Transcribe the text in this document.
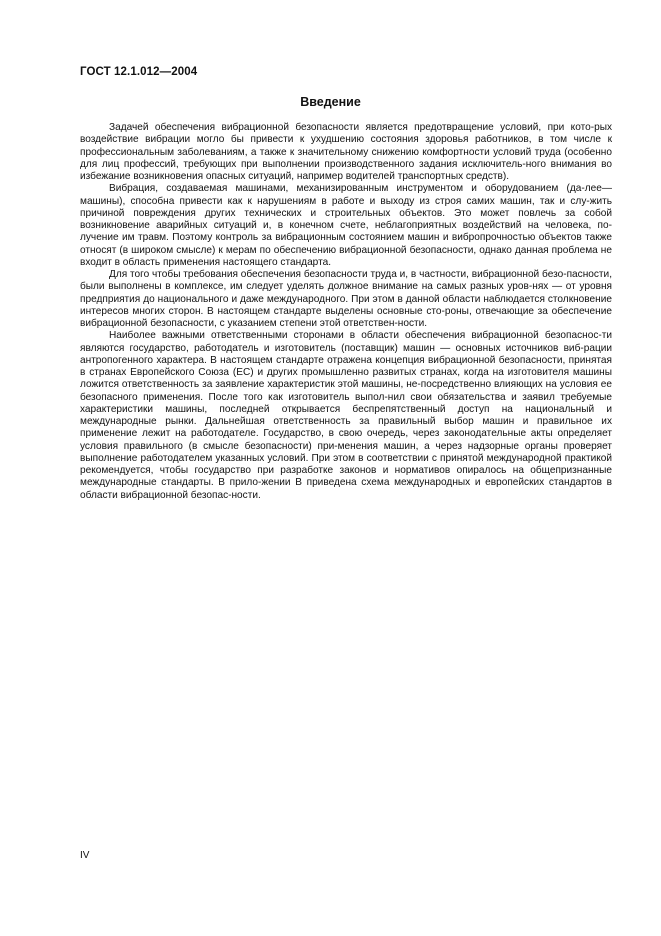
ГОСТ 12.1.012—2004
Введение

Задачей обеспечения вибрационной безопасности является предотвращение условий, при кото-рых воздействие вибрации могло бы привести к ухудшению состояния здоровья работников, в том числе к профессиональным заболеваниям, а также к значительному снижению комфортности условий труда (особенно для лиц профессий, требующих при выполнении производственного задания исключитель-ного внимания во избежание возникновения опасных ситуаций, например водителей транспортных средств).

Вибрация, создаваемая машинами, механизированным инструментом и оборудованием (да-лее—машины), способна привести как к нарушениям в работе и выходу из строя самих машин, так и слу-жить причиной повреждения других технических и строительных объектов. Это может повлечь за собой возникновение аварийных ситуаций и, в конечном счете, неблагоприятных воздействий на человека, по-лучение им травм. Поэтому контроль за вибрационным состоянием машин и вибропрочностью объектов также относят (в широком смысле) к мерам по обеспечению вибрационной безопасности, однако данная проблема не входит в область применения настоящего стандарта.

Для того чтобы требования обеспечения безопасности труда и, в частности, вибрационной безо-пасности, были выполнены в комплексе, им следует уделять должное внимание на самых разных уров-нях — от уровня предприятия до национального и даже международного. При этом в данной области наблюдается столкновение интересов многих сторон. В настоящем стандарте выделены основные сто-роны, отвечающие за обеспечение вибрационной безопасности, с указанием степени этой ответствен-ности.

Наиболее важными ответственными сторонами в области обеспечения вибрационной безопаснос-ти являются государство, работодатель и изготовитель (поставщик) машин — основных источников виб-рации антропогенного характера. В настоящем стандарте отражена концепция вибрационной безопасности, принятая в странах Европейского Союза (ЕС) и других промышленно развитых странах, когда на изготовителя машины ложится ответственность за заявление характеристик этой машины, не-посредственно влияющих на условия ее безопасного применения. После того как изготовитель выпол-нил свои обязательства и заявил требуемые характеристики машины, последней открывается беспрепятственный доступ на национальный и международные рынки. Дальнейшая ответственность за правильный выбор машин и правильное их применение лежит на работодателе. Государство, в свою очередь, через законодательные акты определяет условия правильного (в смысле безопасности) при-менения машин, а через надзорные органы проверяет выполнение работодателем указанных условий. При этом в соответствии с принятой международной практикой рекомендуется, чтобы государство при разработке законов и нормативов опиралось на общепризнанные международные стандарты. В прило-жении В приведена схема международных и европейских стандартов в области вибрационной безопас-ности.

IV
